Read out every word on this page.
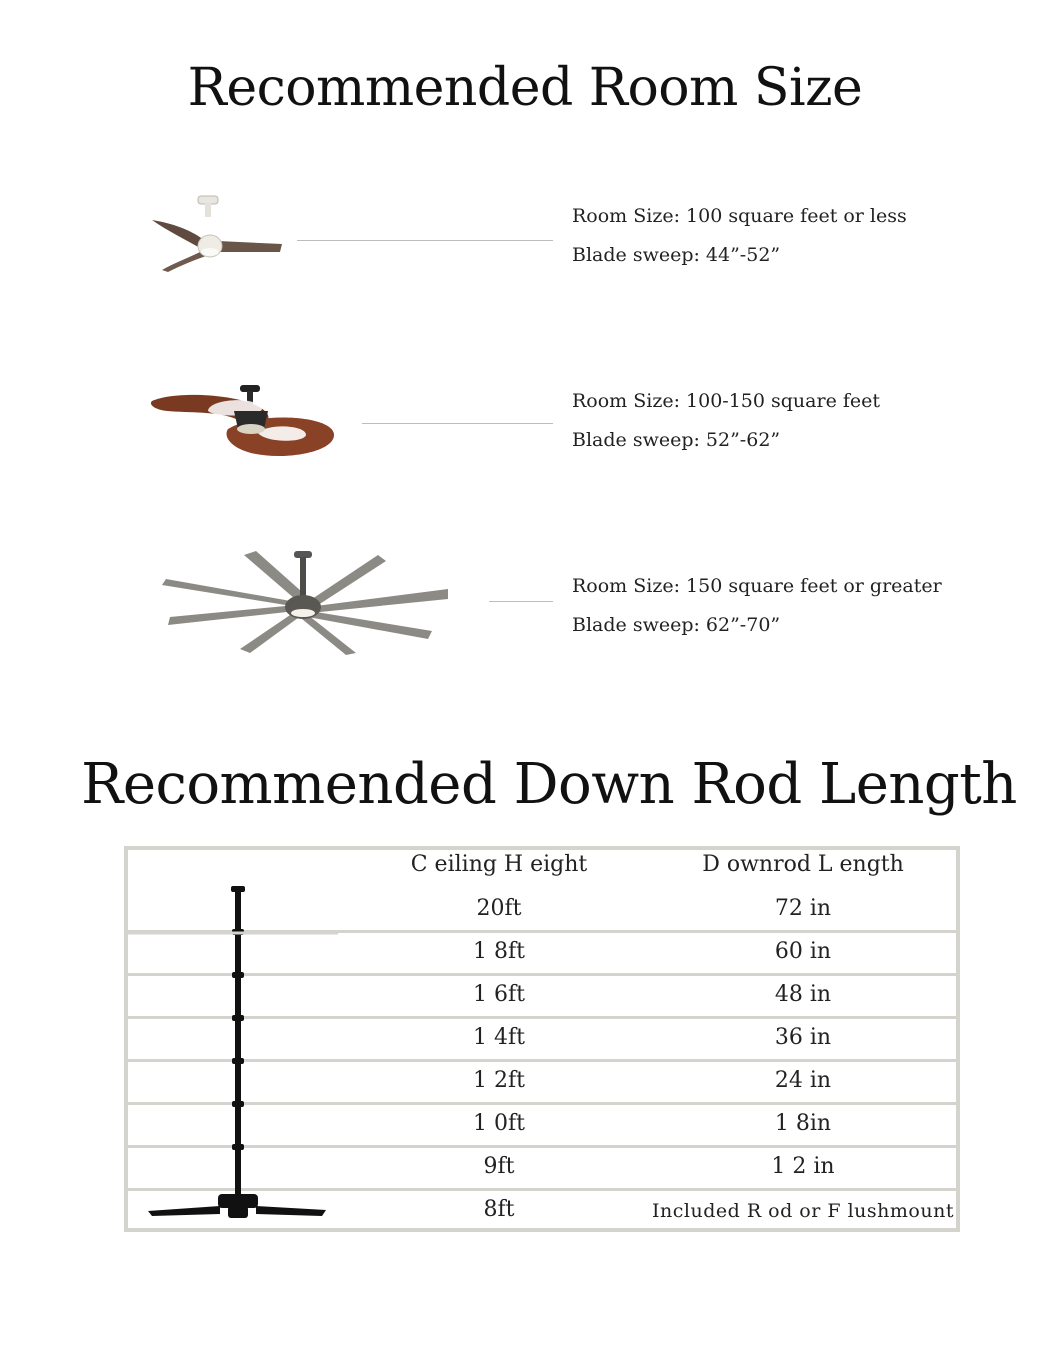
Recommended Room Size
Room Size: 100 square feet or less
Blade sweep: 44”-52”
Room Size: 100-150 square feet
Blade sweep: 52”-62”
Room Size: 150 square feet or greater
Blade sweep: 62”-70”
Recommended Down Rod Length
C eiling H eight	D ownrod L ength
20ft	72 in
1 8ft	60 in
1 6ft	48 in
1 4ft	36 in
1 2ft	24 in
1 0ft	1 8in
9ft	1 2 in
8ft	Included R od or F lushmount
